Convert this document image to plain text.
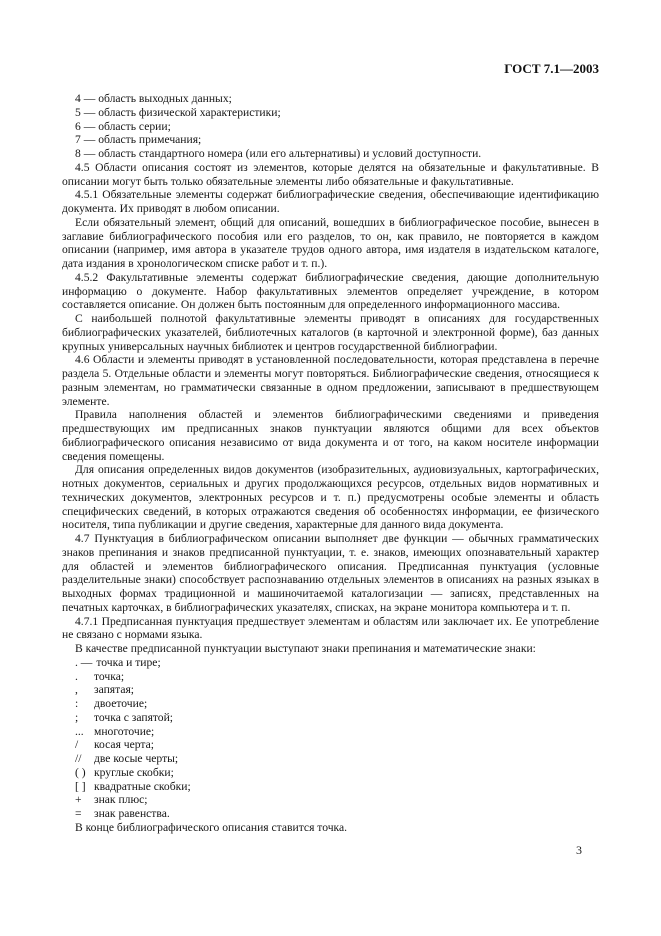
ГОСТ 7.1—2003

4 — область выходных данных;

5 — область физической характеристики;

6 — область серии;

7 — область примечания;

8 — область стандартного номера (или его альтернативы) и условий доступности.

4.5 Области описания состоят из элементов, которые делятся на обязательные и факультативные. В описании могут быть только обязательные элементы либо обязательные и факультативные.

4.5.1 Обязательные элементы содержат библиографические сведения, обеспечивающие идентификацию документа. Их приводят в любом описании.

Если обязательный элемент, общий для описаний, вошедших в библиографическое пособие, вынесен в заглавие библиографического пособия или его разделов, то он, как правило, не повторяется в каждом описании (например, имя автора в указателе трудов одного автора, имя издателя в издательском каталоге, дата издания в хронологическом списке работ и т. п.).

4.5.2 Факультативные элементы содержат библиографические сведения, дающие дополнительную информацию о документе. Набор факультативных элементов определяет учреждение, в котором составляется описание. Он должен быть постоянным для определенного информационного массива.

С наибольшей полнотой факультативные элементы приводят в описаниях для государственных библиографических указателей, библиотечных каталогов (в карточной и электронной форме), баз данных крупных универсальных научных библиотек и центров государственной библиографии.

4.6 Области и элементы приводят в установленной последовательности, которая представлена в перечне раздела 5. Отдельные области и элементы могут повторяться. Библиографические сведения, относящиеся к разным элементам, но грамматически связанные в одном предложении, записывают в предшествующем элементе.

Правила наполнения областей и элементов библиографическими сведениями и приведения предшествующих им предписанных знаков пунктуации являются общими для всех объектов библиографического описания независимо от вида документа и от того, на каком носителе информации сведения помещены.

Для описания определенных видов документов (изобразительных, аудиовизуальных, картографических, нотных документов, сериальных и других продолжающихся ресурсов, отдельных видов нормативных и технических документов, электронных ресурсов и т. п.) предусмотрены особые элементы и область специфических сведений, в которых отражаются сведения об особенностях информации, ее физического носителя, типа публикации и другие сведения, характерные для данного вида документа.

4.7 Пунктуация в библиографическом описании выполняет две функции — обычных грамматических знаков препинания и знаков предписанной пунктуации, т. е. знаков, имеющих опознавательный характер для областей и элементов библиографического описания. Предписанная пунктуация (условные разделительные знаки) способствует распознаванию отдельных элементов в описаниях на разных языках в выходных формах традиционной и машиночитаемой каталогизации — записях, представленных на печатных карточках, в библиографических указателях, списках, на экране монитора компьютера и т. п.

4.7.1 Предписанная пунктуация предшествует элементам и областям или заключает их. Ее употребление не связано с нормами языка.

В качестве предписанной пунктуации выступают знаки препинания и математические знаки:

. — точка и тире;

.	точка;

,	запятая;

:	двоеточие;

;	точка с запятой;

... многоточие;

/	косая черта;

//	две косые черты;

( ) круглые скобки;

[ ] квадратные скобки;

+	знак плюс;

=	знак равенства.

В конце библиографического описания ставится точка.

3
